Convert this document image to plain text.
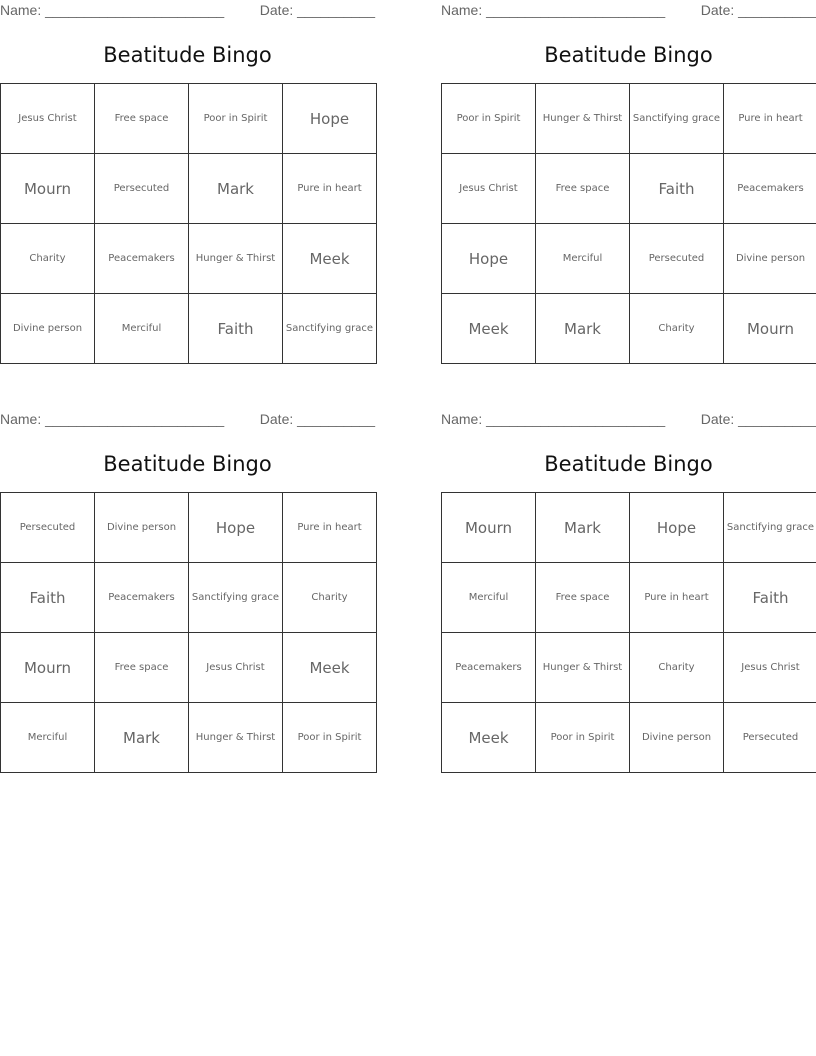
Name: _______________________	Date: __________
Beatitude Bingo
Jesus Christ	Free space	Poor in Spirit	Hope
Mourn	Persecuted	Mark	Pure in heart
Charity	Peacemakers	Hunger & Thirst	Meek
Divine person	Merciful	Faith	Sanctifying grace
Name: _______________________	Date: __________
Beatitude Bingo
Poor in Spirit	Hunger & Thirst	Sanctifying grace	Pure in heart
Jesus Christ	Free space	Faith	Peacemakers
Hope	Merciful	Persecuted	Divine person
Meek	Mark	Charity	Mourn
Name: _______________________	Date: __________
Beatitude Bingo
Persecuted	Divine person	Hope	Pure in heart
Faith	Peacemakers	Sanctifying grace	Charity
Mourn	Free space	Jesus Christ	Meek
Merciful	Mark	Hunger & Thirst	Poor in Spirit
Name: _______________________	Date: __________
Beatitude Bingo
Mourn	Mark	Hope	Sanctifying grace
Merciful	Free space	Pure in heart	Faith
Peacemakers	Hunger & Thirst	Charity	Jesus Christ
Meek	Poor in Spirit	Divine person	Persecuted
